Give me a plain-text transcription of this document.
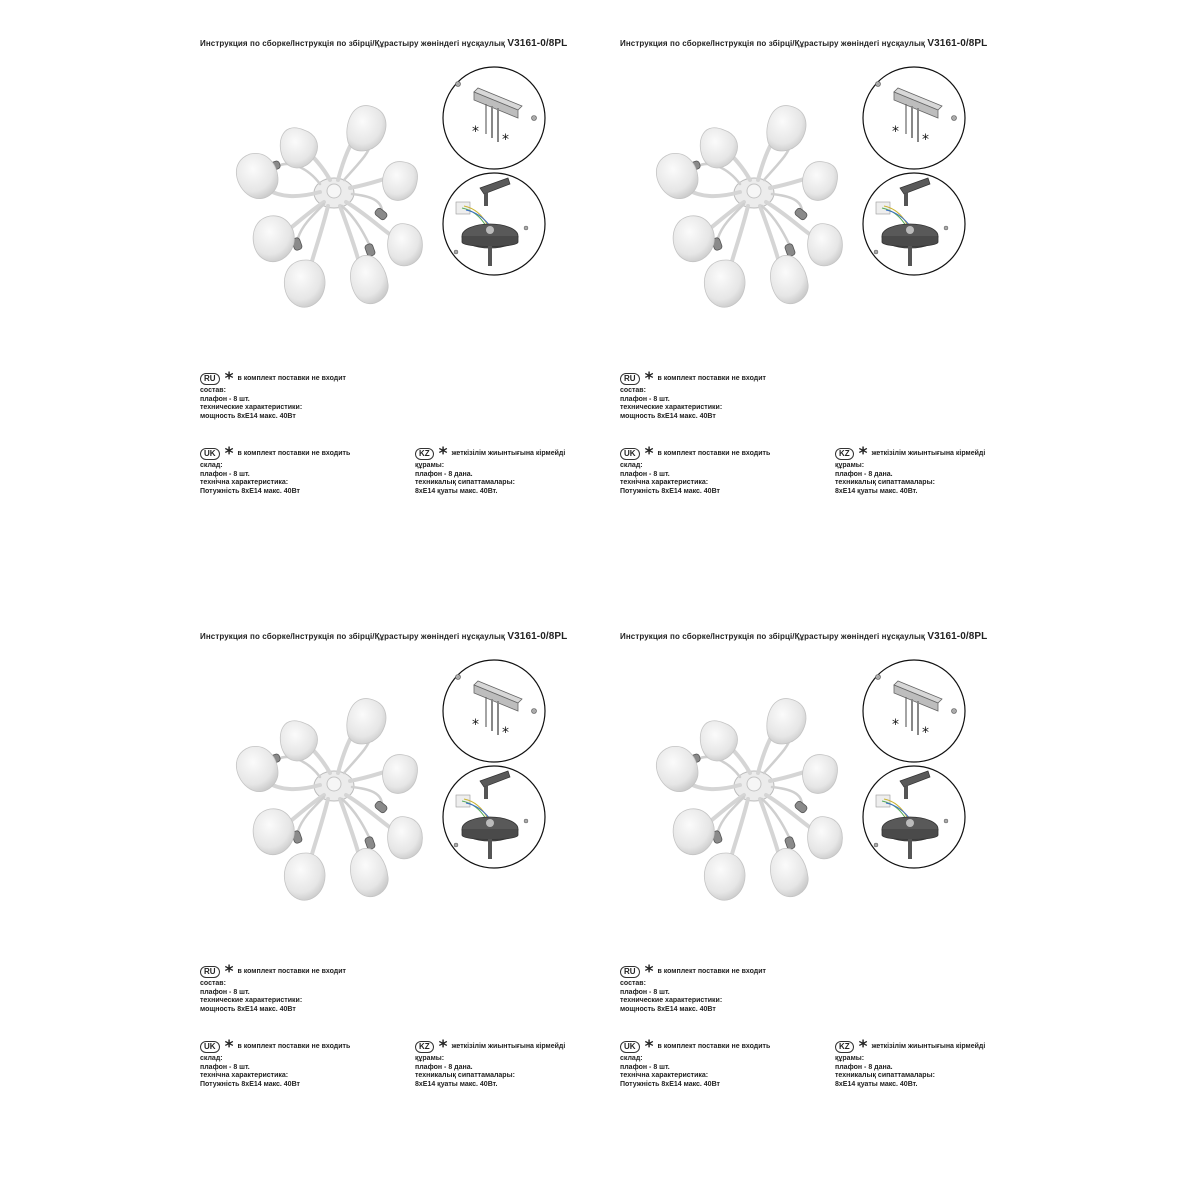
Инструкция по сборке/Інструкція по збірці/Құрастыру жөніндегі нұсқаулық V3161-0/8PL
* *
RU * в комплект поставки не входит
состав:
плафон - 8 шт.
технические характеристики:
мощность 8хЕ14 макс. 40Вт
UK * в комплект поставки не входить
склад:
плафон - 8 шт.
технічна характеристика:
Потужність 8хЕ14 макс. 40Вт
KZ * жеткізілім жиынтығына кірмейді
құрамы:
плафон - 8 дана.
техникалық сипаттамалары:
8хЕ14 қуаты макс. 40Вт.
Инструкция по сборке/Інструкція по збірці/Құрастыру жөніндегі нұсқаулық V3161-0/8PL
* *
RU * в комплект поставки не входит
состав:
плафон - 8 шт.
технические характеристики:
мощность 8хЕ14 макс. 40Вт
UK * в комплект поставки не входить
склад:
плафон - 8 шт.
технічна характеристика:
Потужність 8хЕ14 макс. 40Вт
KZ * жеткізілім жиынтығына кірмейді
құрамы:
плафон - 8 дана.
техникалық сипаттамалары:
8хЕ14 қуаты макс. 40Вт.
Инструкция по сборке/Інструкція по збірці/Құрастыру жөніндегі нұсқаулық V3161-0/8PL
* *
RU * в комплект поставки не входит
состав:
плафон - 8 шт.
технические характеристики:
мощность 8хЕ14 макс. 40Вт
UK * в комплект поставки не входить
склад:
плафон - 8 шт.
технічна характеристика:
Потужність 8хЕ14 макс. 40Вт
KZ * жеткізілім жиынтығына кірмейді
құрамы:
плафон - 8 дана.
техникалық сипаттамалары:
8хЕ14 қуаты макс. 40Вт.
Инструкция по сборке/Інструкція по збірці/Құрастыру жөніндегі нұсқаулық V3161-0/8PL
* *
RU * в комплект поставки не входит
состав:
плафон - 8 шт.
технические характеристики:
мощность 8хЕ14 макс. 40Вт
UK * в комплект поставки не входить
склад:
плафон - 8 шт.
технічна характеристика:
Потужність 8хЕ14 макс. 40Вт
KZ * жеткізілім жиынтығына кірмейді
құрамы:
плафон - 8 дана.
техникалық сипаттамалары:
8хЕ14 қуаты макс. 40Вт.
